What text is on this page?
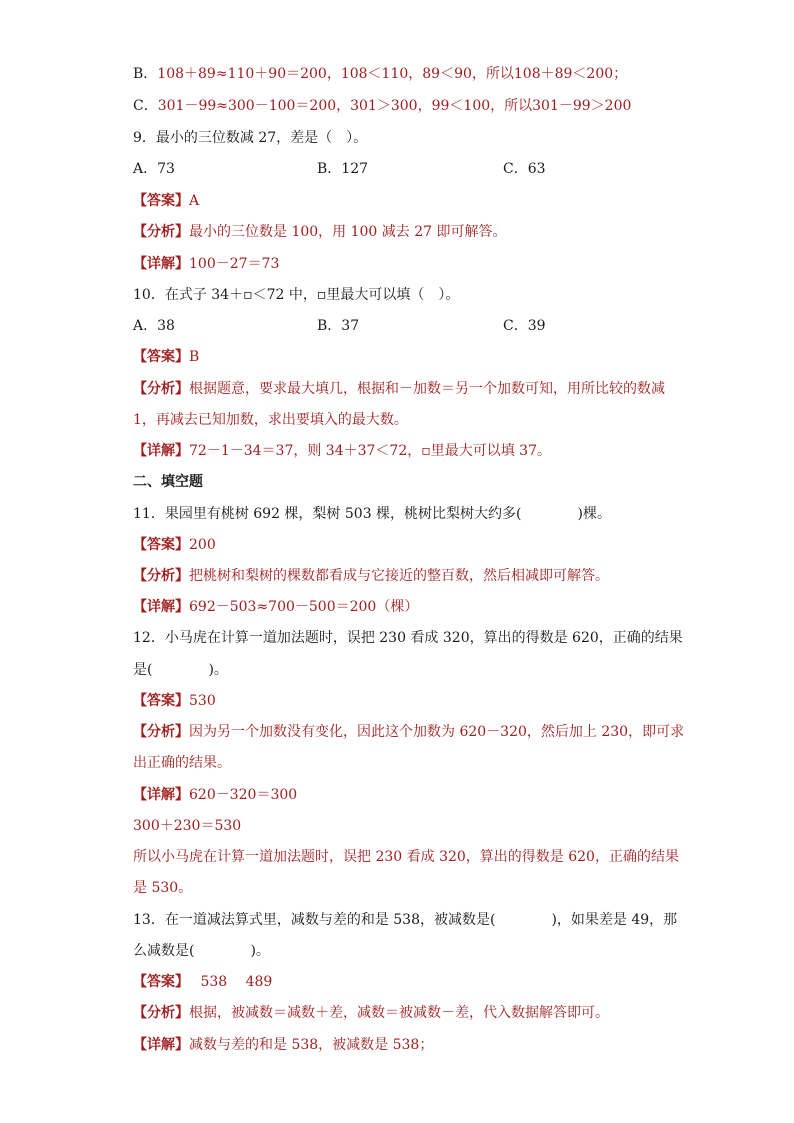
B．108＋89≈110＋90＝200，108＜110，89＜90，所以108＋89＜200；
C．301－99≈300－100＝200，301＞300，99＜100，所以301－99＞200
9．最小的三位数减 27，差是（　）。
A．73	B．127	C．63
【答案】A
【分析】最小的三位数是 100，用 100 减去 27 即可解答。
【详解】100－27＝73
10．在式子 34＋▫＜72 中，▫里最大可以填（　）。
A．38	B．37	C．39
【答案】B
【分析】根据题意，要求最大填几，根据和－加数＝另一个加数可知，用所比较的数减
1，再减去已知加数，求出要填入的最大数。
【详解】72－1－34＝37，则 34＋37＜72，▫里最大可以填 37。
二、填空题
11．果园里有桃树 692 棵，梨树 503 棵，桃树比梨树大约多(　　　　)棵。
【答案】200
【分析】把桃树和梨树的棵数都看成与它接近的整百数，然后相减即可解答。
【详解】692－503≈700－500＝200（棵）
12．小马虎在计算一道加法题时，误把 230 看成 320，算出的得数是 620，正确的结果
是(　　　　)。
【答案】530
【分析】因为另一个加数没有变化，因此这个加数为 620－320，然后加上 230，即可求
出正确的结果。
【详解】620－320＝300
300＋230＝530
所以小马虎在计算一道加法题时，误把 230 看成 320，算出的得数是 620，正确的结果
是 530。
13．在一道减法算式里，减数与差的和是 538，被减数是(　　　　)，如果差是 49，那
么减数是(　　　　)。
【答案】　 538　 489
【分析】根据，被减数＝减数＋差，减数＝被减数－差，代入数据解答即可。
【详解】减数与差的和是 538，被减数是 538；
